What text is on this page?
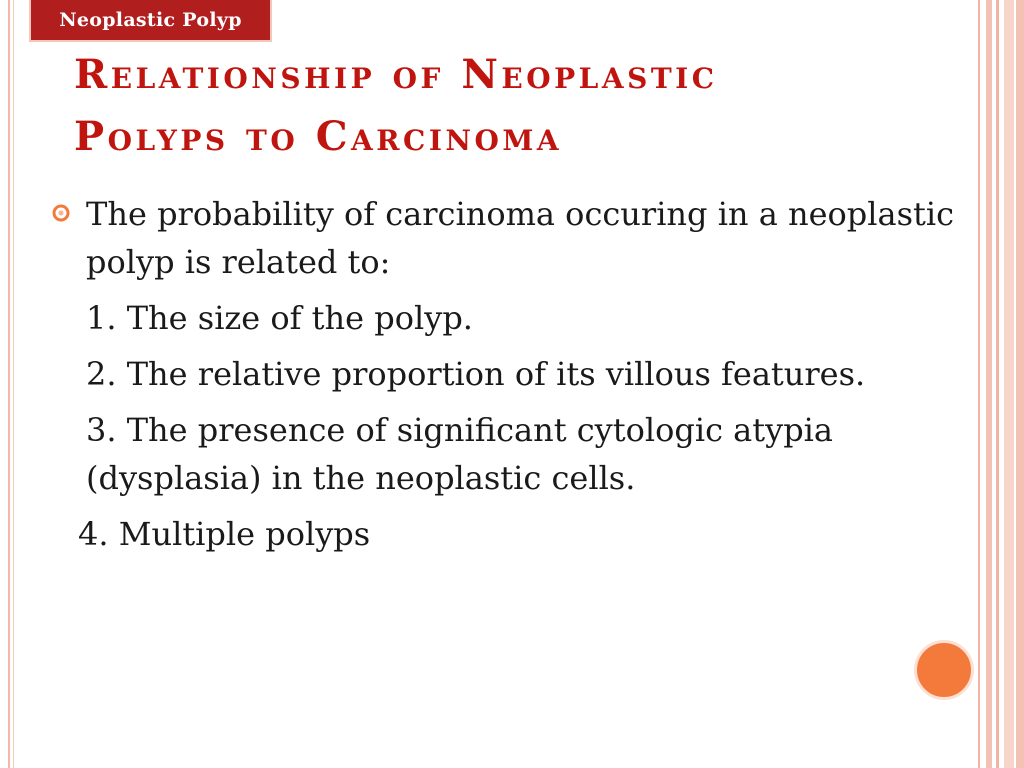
Neoplastic Polyp
Relationship of Neoplastic
Polyps to Carcinoma

The probability of carcinoma occuring in a neoplastic polyp is related to:

1. The size of the polyp.

2. The relative proportion of its villous features.

3. The presence of significant cytologic atypia (dysplasia) in the neoplastic cells.

4. Multiple polyps
